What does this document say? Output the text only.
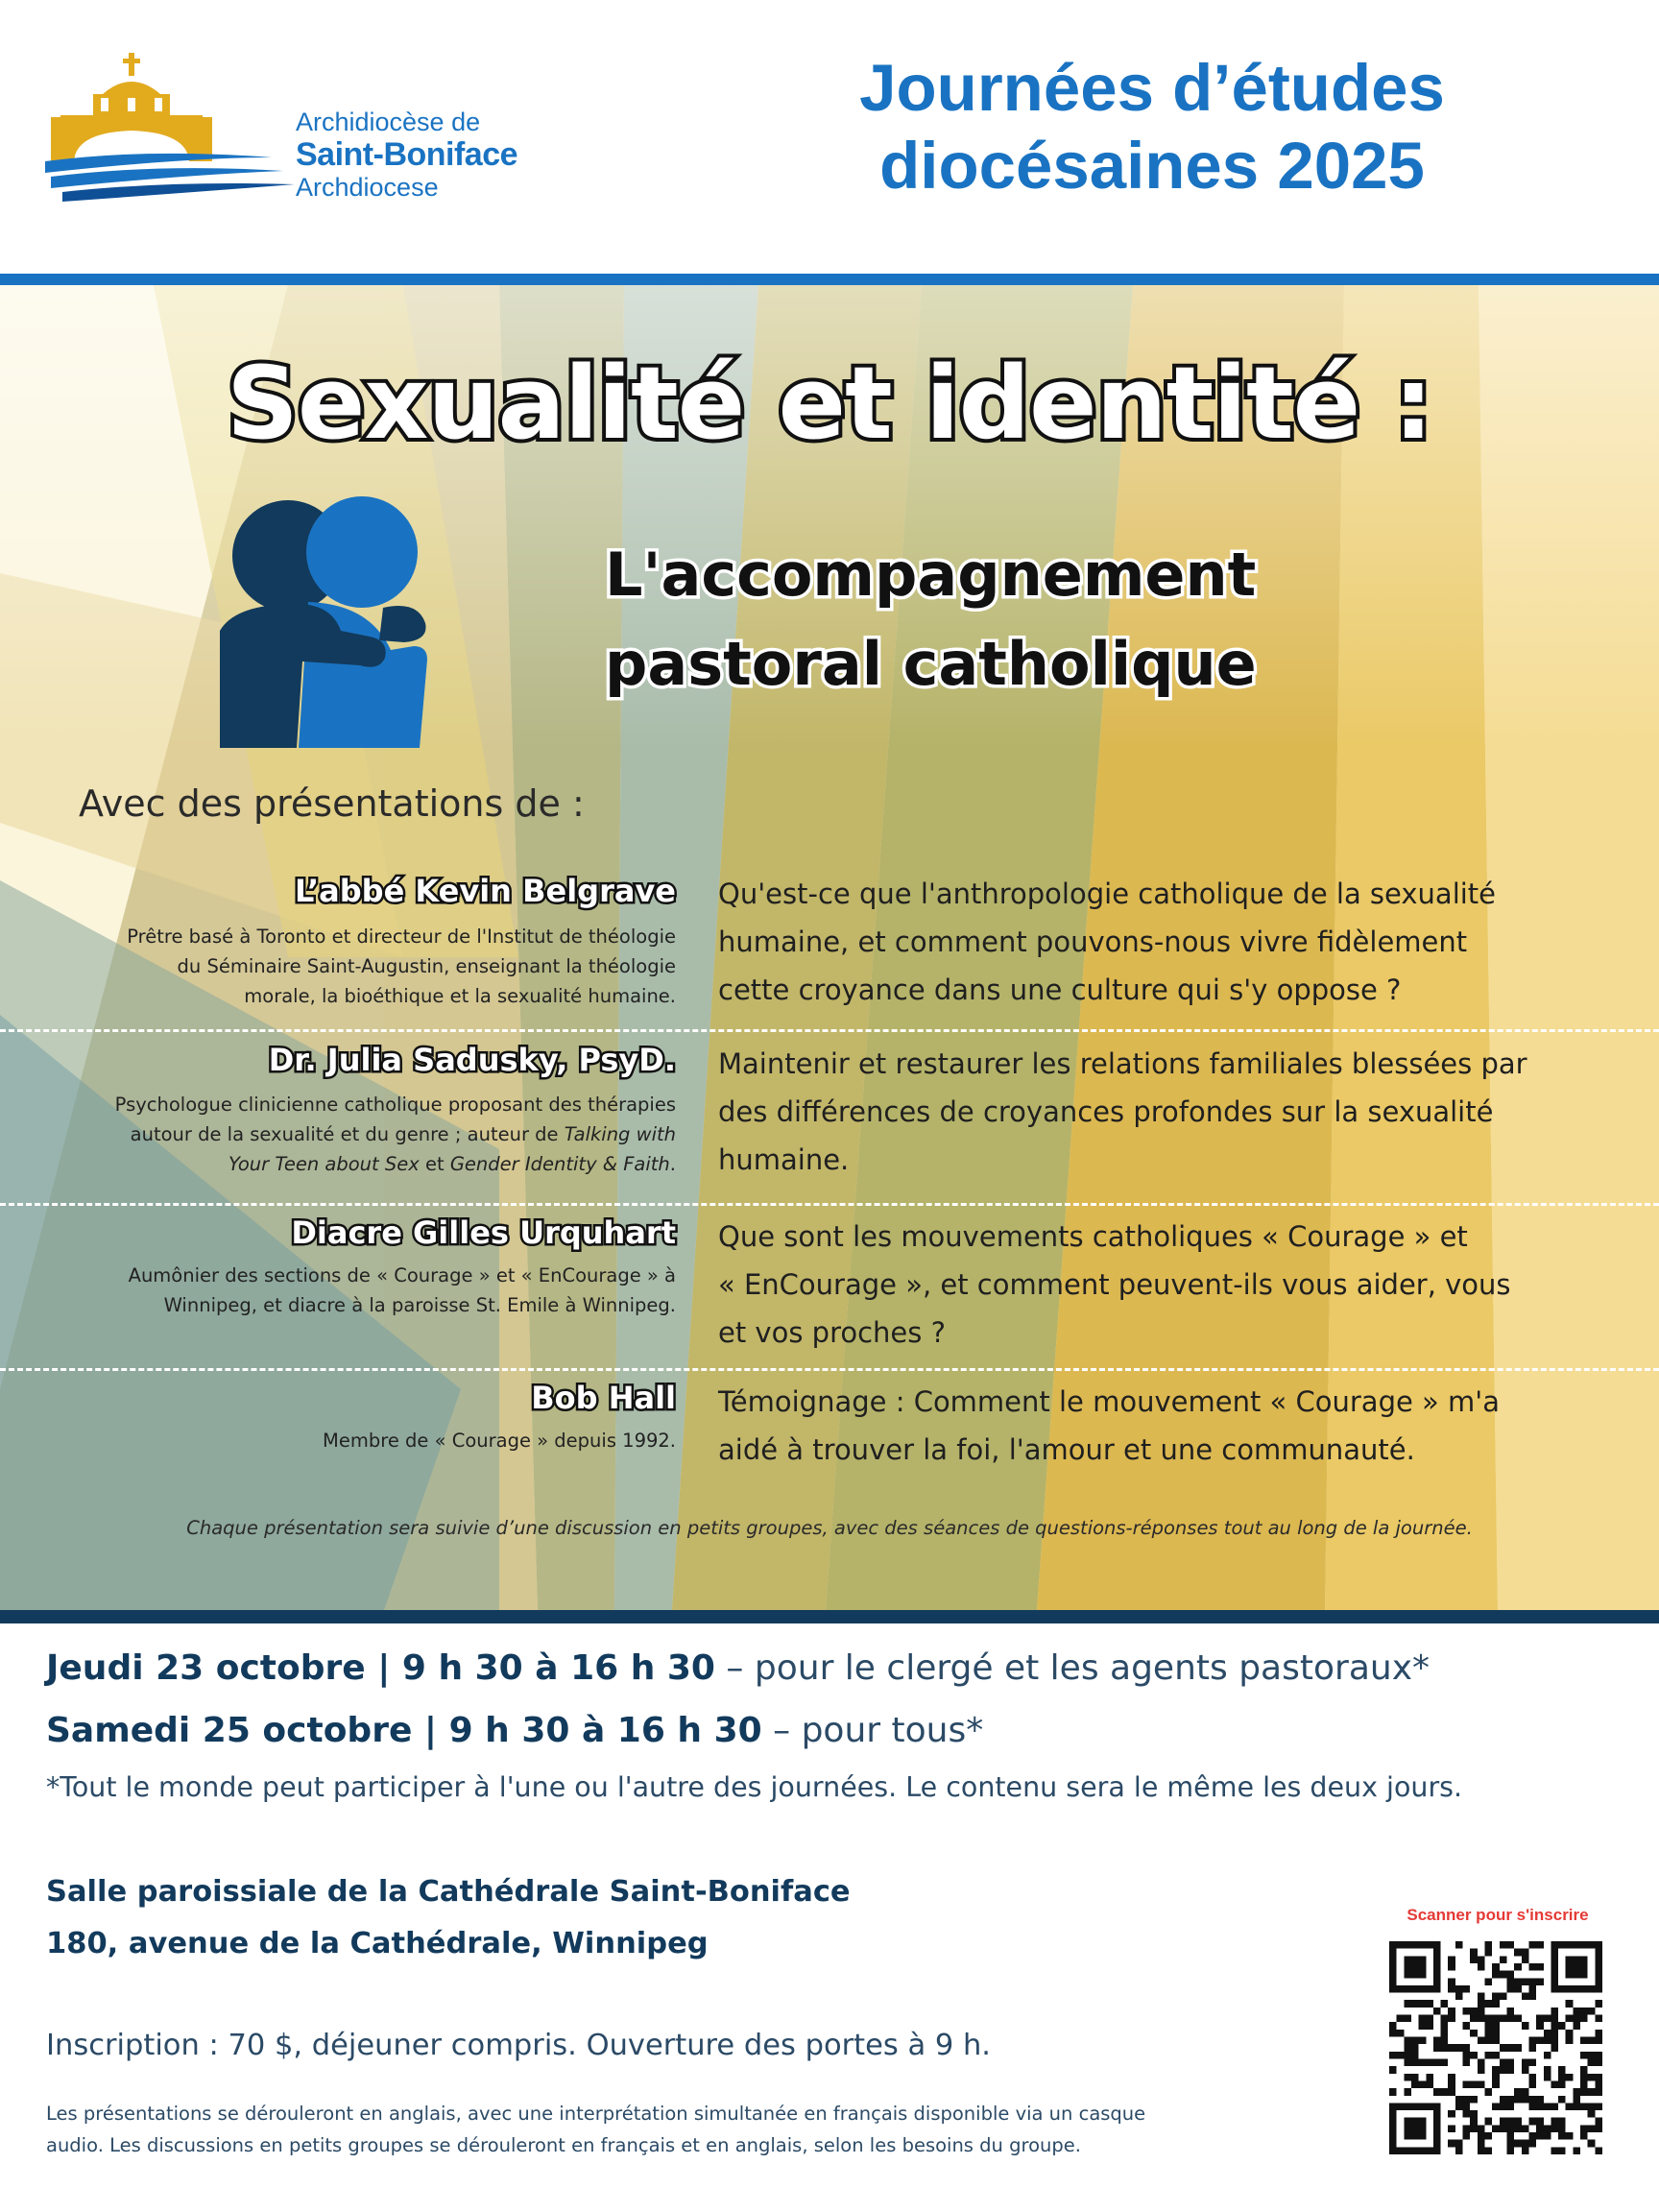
Archidiocèse de
Saint-Boniface
Archdiocese
Journées d’études
diocésaines 2025
Sexualité et identité :
L'accompagnement
pastoral catholique
Avec des présentations de :
L’abbé Kevin Belgrave
Prêtre basé à Toronto et directeur de l'Institut de théologie
du Séminaire Saint-Augustin, enseignant la théologie
morale, la bioéthique et la sexualité humaine.
Qu'est-ce que l'anthropologie catholique de la sexualité
humaine, et comment pouvons-nous vivre fidèlement
cette croyance dans une culture qui s'y oppose ?
Dr. Julia Sadusky, PsyD.
Psychologue clinicienne catholique proposant des thérapies
autour de la sexualité et du genre ; auteur de Talking with
Your Teen about Sex et Gender Identity & Faith.
Maintenir et restaurer les relations familiales blessées par
des différences de croyances profondes sur la sexualité
humaine.
Diacre Gilles Urquhart
Aumônier des sections de « Courage » et « EnCourage » à
Winnipeg, et diacre à la paroisse St. Emile à Winnipeg.
Que sont les mouvements catholiques « Courage » et
« EnCourage », et comment peuvent-ils vous aider, vous
et vos proches ?
Bob Hall
Membre de « Courage » depuis 1992.
Témoignage : Comment le mouvement « Courage » m'a
aidé à trouver la foi, l'amour et une communauté.
Chaque présentation sera suivie d’une discussion en petits groupes, avec des séances de questions-réponses tout au long de la journée.
Jeudi 23 octobre | 9 h 30 à 16 h 30 – pour le clergé et les agents pastoraux*
Samedi 25 octobre | 9 h 30 à 16 h 30 – pour tous*
*Tout le monde peut participer à l'une ou l'autre des journées. Le contenu sera le même les deux jours.
Salle paroissiale de la Cathédrale Saint-Boniface
180, avenue de la Cathédrale, Winnipeg
Inscription : 70 $, déjeuner compris. Ouverture des portes à 9 h.
Les présentations se dérouleront en anglais, avec une interprétation simultanée en français disponible via un casque
audio. Les discussions en petits groupes se dérouleront en français et en anglais, selon les besoins du groupe.
Scanner pour s'inscrire
